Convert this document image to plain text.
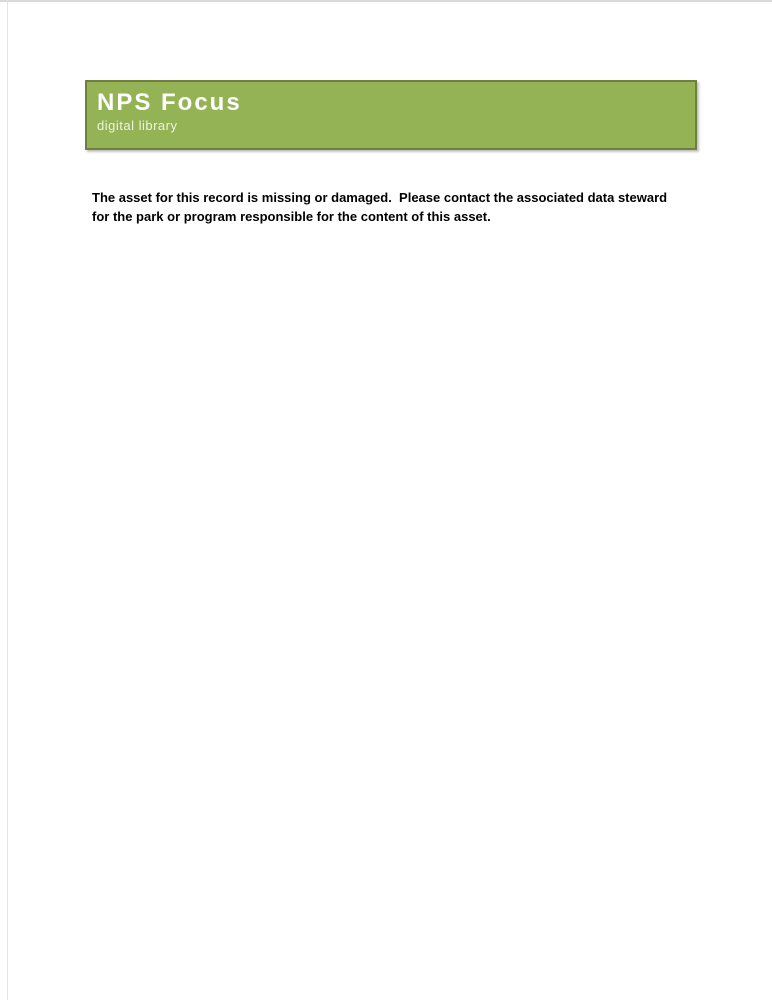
NPS Focus
digital library
The asset for this record is missing or damaged.  Please contact the associated data steward
for the park or program responsible for the content of this asset.
